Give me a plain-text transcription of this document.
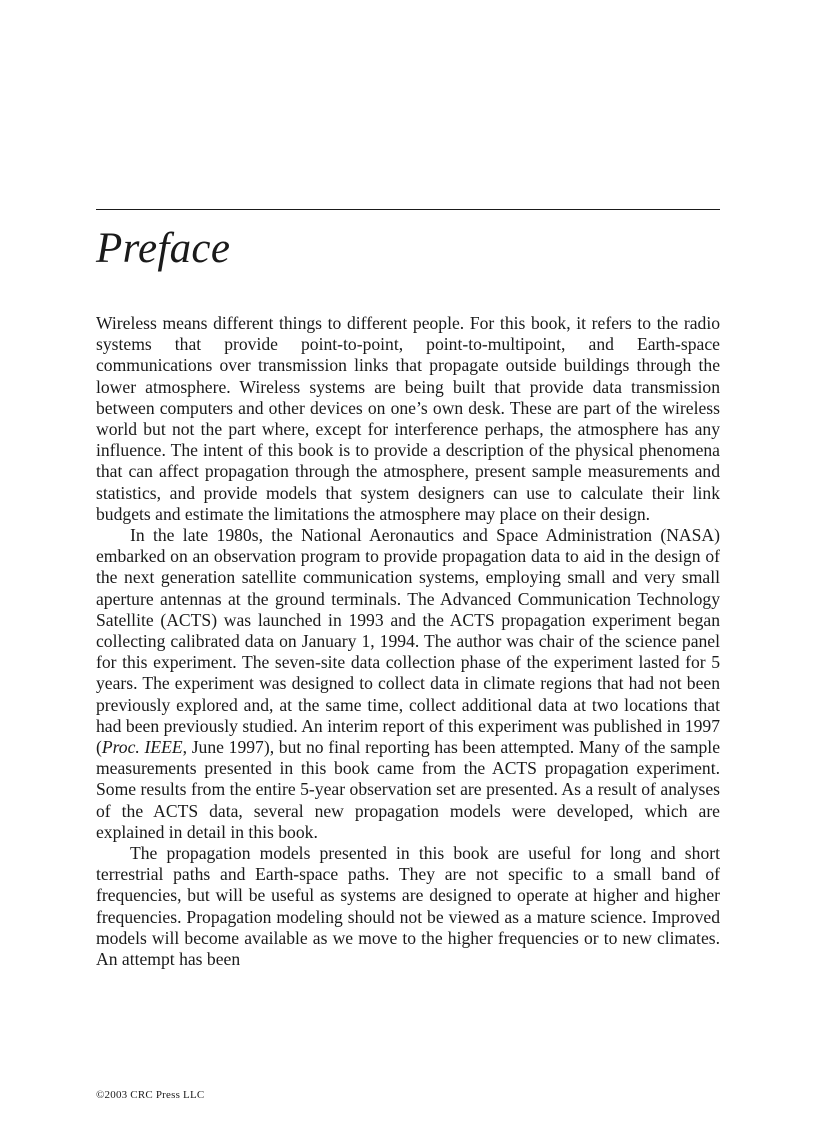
Preface

Wireless means different things to different people. For this book, it refers to the radio systems that provide point-to-point, point-to-multipoint, and Earth-space communications over transmission links that propagate outside buildings through the lower atmosphere. Wireless systems are being built that provide data transmission between computers and other devices on one’s own desk. These are part of the wireless world but not the part where, except for interference perhaps, the atmosphere has any influence. The intent of this book is to provide a description of the physical phenomena that can affect propagation through the atmosphere, present sample measurements and statistics, and provide models that system designers can use to calculate their link budgets and estimate the limitations the atmosphere may place on their design.

In the late 1980s, the National Aeronautics and Space Administration (NASA) embarked on an observation program to provide propagation data to aid in the design of the next generation satellite communication systems, employing small and very small aperture antennas at the ground terminals. The Advanced Communication Technology Satellite (ACTS) was launched in 1993 and the ACTS propagation experiment began collecting calibrated data on January 1, 1994. The author was chair of the science panel for this experiment. The seven-site data collection phase of the experiment lasted for 5 years. The experiment was designed to collect data in climate regions that had not been previously explored and, at the same time, collect additional data at two locations that had been previously studied. An interim report of this experiment was published in 1997 (Proc. IEEE, June 1997), but no final reporting has been attempted. Many of the sample measurements presented in this book came from the ACTS propagation experiment. Some results from the entire 5-year observation set are presented. As a result of analyses of the ACTS data, several new propagation models were developed, which are explained in detail in this book.

The propagation models presented in this book are useful for long and short terrestrial paths and Earth-space paths. They are not specific to a small band of frequencies, but will be useful as systems are designed to operate at higher and higher frequencies. Propagation modeling should not be viewed as a mature science. Improved models will become available as we move to the higher frequencies or to new climates. An attempt has been

©2003 CRC Press LLC
